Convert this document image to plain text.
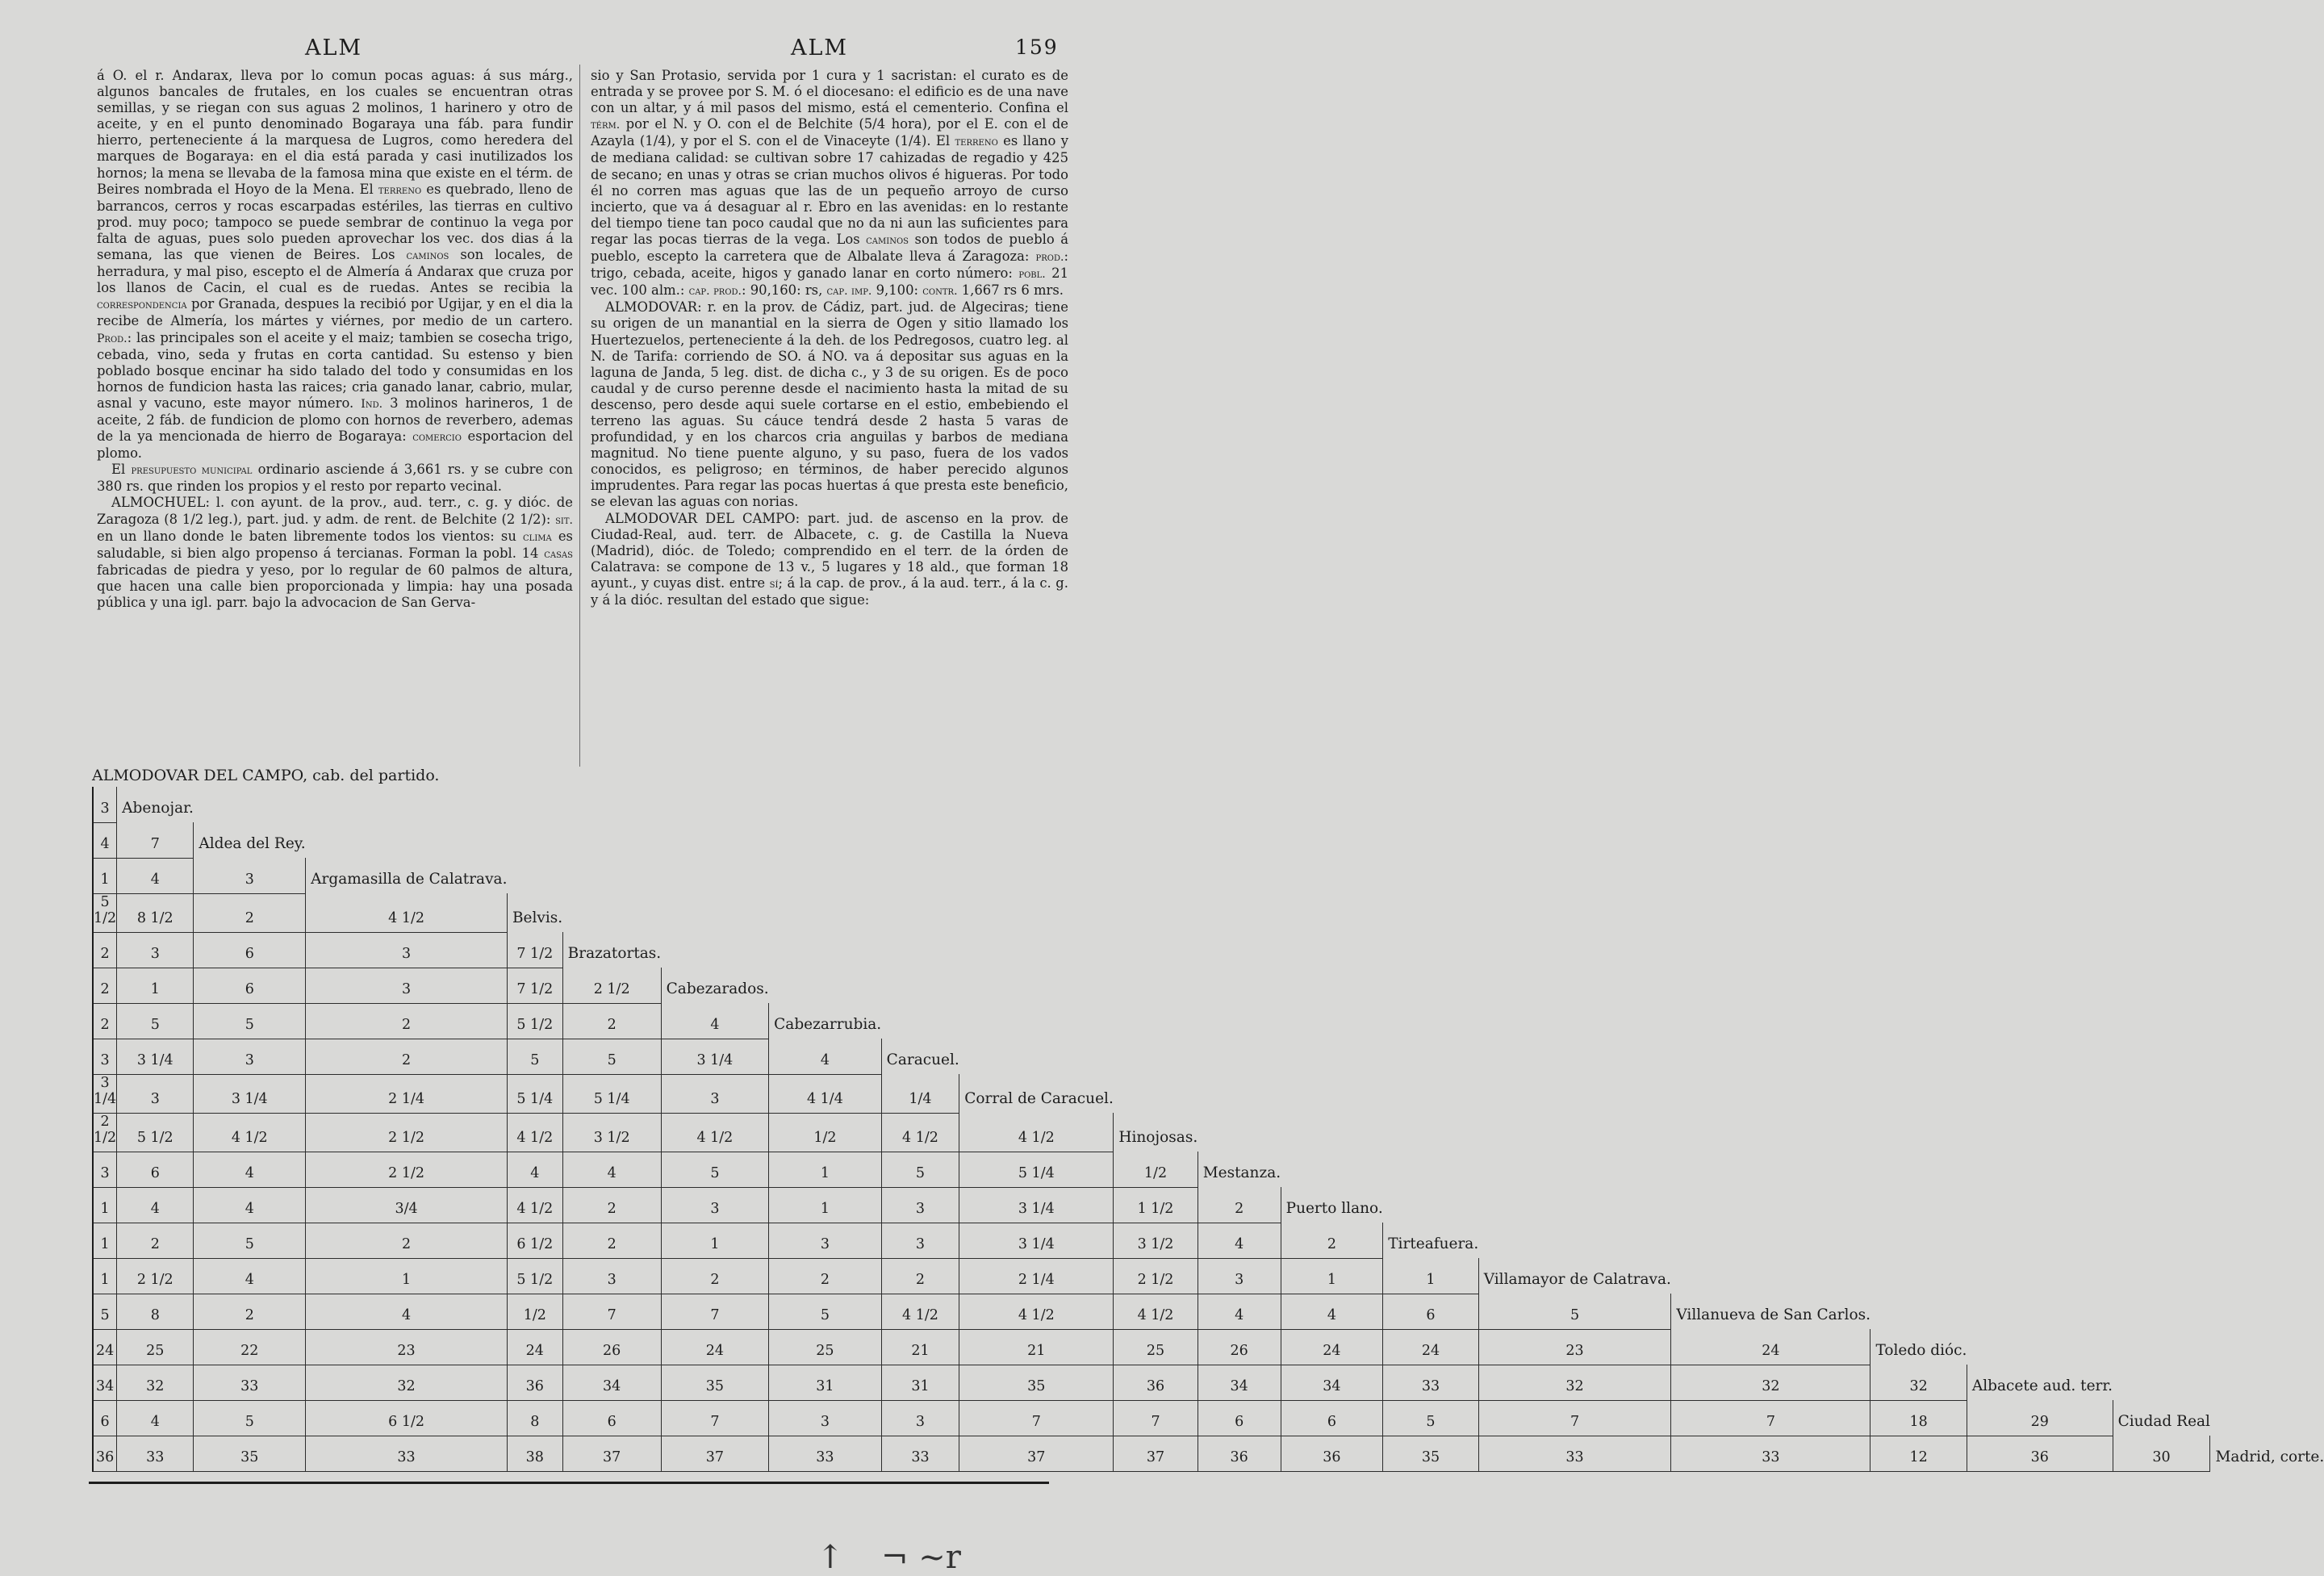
ALM	ALM	159

á O. el r. Andarax, lleva por lo comun pocas aguas: á sus márg., algunos bancales de frutales, en los cuales se encuentran otras semillas, y se riegan con sus aguas 2 molinos, 1 harinero y otro de aceite, y en el punto denominado Bogaraya una fáb. para fundir hierro, perteneciente á la marquesa de Lugros, como heredera del marques de Bogaraya: en el dia está parada y casi inutilizados los hornos; la mena se llevaba de la famosa mina que existe en el térm. de Beires nombrada el Hoyo de la Mena. El terreno es quebrado, lleno de barrancos, cerros y rocas escarpadas estériles, las tierras en cultivo prod. muy poco; tampoco se puede sembrar de continuo la vega por falta de aguas, pues solo pueden aprovechar los vec. dos dias á la semana, las que vienen de Beires. Los caminos son locales, de herradura, y mal piso, escepto el de Almería á Andarax que cruza por los llanos de Cacin, el cual es de ruedas. Antes se recibia la correspondencia por Granada, despues la recibió por Ugijar, y en el dia la recibe de Almería, los mártes y viérnes, por medio de un cartero. Prod.: las principales son el aceite y el maiz; tambien se cosecha trigo, cebada, vino, seda y frutas en corta cantidad. Su estenso y bien poblado bosque encinar ha sido talado del todo y consumidas en los hornos de fundicion hasta las raices; cria ganado lanar, cabrio, mular, asnal y vacuno, este mayor número. Ind. 3 molinos harineros, 1 de aceite, 2 fáb. de fundicion de plomo con hornos de reverbero, ademas de la ya mencionada de hierro de Bogaraya: comercio esportacion del plomo.

El presupuesto municipal ordinario asciende á 3,661 rs. y se cubre con 380 rs. que rinden los propios y el resto por reparto vecinal.

ALMOCHUEL: l. con ayunt. de la prov., aud. terr., c. g. y dióc. de Zaragoza (8 1/2 leg.), part. jud. y adm. de rent. de Belchite (2 1/2): sit. en un llano donde le baten libremente todos los vientos: su clima es saludable, si bien algo propenso á tercianas. Forman la pobl. 14 casas fabricadas de piedra y yeso, por lo regular de 60 palmos de altura, que hacen una calle bien proporcionada y limpia: hay una posada pública y una igl. parr. bajo la advocacion de San Gerva-

sio y San Protasio, servida por 1 cura y 1 sacristan: el curato es de entrada y se provee por S. M. ó el diocesano: el edificio es de una nave con un altar, y á mil pasos del mismo, está el cementerio. Confina el térm. por el N. y O. con el de Belchite (5/4 hora), por el E. con el de Azayla (1/4), y por el S. con el de Vinaceyte (1/4). El terreno es llano y de mediana calidad: se cultivan sobre 17 cahizadas de regadio y 425 de secano; en unas y otras se crian muchos olivos é higueras. Por todo él no corren mas aguas que las de un pequeño arroyo de curso incierto, que va á desaguar al r. Ebro en las avenidas: en lo restante del tiempo tiene tan poco caudal que no da ni aun las suficientes para regar las pocas tierras de la vega. Los caminos son todos de pueblo á pueblo, escepto la carretera que de Albalate lleva á Zaragoza: prod.: trigo, cebada, aceite, higos y ganado lanar en corto número: pobl. 21 vec. 100 alm.: cap. prod.: 90,160: rs, cap. imp. 9,100: contr. 1,667 rs 6 mrs.

ALMODOVAR: r. en la prov. de Cádiz, part. jud. de Algeciras; tiene su origen de un manantial en la sierra de Ogen y sitio llamado los Huertezuelos, perteneciente á la deh. de los Pedregosos, cuatro leg. al N. de Tarifa: corriendo de SO. á NO. va á depositar sus aguas en la laguna de Janda, 5 leg. dist. de dicha c., y 3 de su origen. Es de poco caudal y de curso perenne desde el nacimiento hasta la mitad de su descenso, pero desde aqui suele cortarse en el estio, embebiendo el terreno las aguas. Su cáuce tendrá desde 2 hasta 5 varas de profundidad, y en los charcos cria anguilas y barbos de mediana magnitud. No tiene puente alguno, y su paso, fuera de los vados conocidos, es peligroso; en términos, de haber perecido algunos imprudentes. Para regar las pocas huertas á que presta este beneficio, se elevan las aguas con norias.

ALMODOVAR DEL CAMPO: part. jud. de ascenso en la prov. de Ciudad-Real, aud. terr. de Albacete, c. g. de Castilla la Nueva (Madrid), dióc. de Toledo; comprendido en el terr. de la órden de Calatrava: se compone de 13 v., 5 lugares y 18 ald., que forman 18 ayunt., y cuyas dist. entre sí; á la cap. de prov., á la aud. terr., á la c. g. y á la dióc. resultan del estado que sigue:

ALMODOVAR DEL CAMPO, cab. del partido.
3	Abenojar.																		
4	7	Aldea del Rey.																	
1	4	3	Argamasilla de Calatrava.																
5 1/2	8 1/2	2	4 1/2	Belvis.															
2	3	6	3	7 1/2	Brazatortas.														
2	1	6	3	7 1/2	2 1/2	Cabezarados.													
2	5	5	2	5 1/2	2	4	Cabezarrubia.												
3	3 1/4	3	2	5	5	3 1/4	4	Caracuel.											
3 1/4	3	3 1/4	2 1/4	5 1/4	5 1/4	3	4 1/4	1/4	Corral de Caracuel.										
2 1/2	5 1/2	4 1/2	2 1/2	4 1/2	3 1/2	4 1/2	1/2	4 1/2	4 1/2	Hinojosas.									
3	6	4	2 1/2	4	4	5	1	5	5 1/4	1/2	Mestanza.								
1	4	4	3/4	4 1/2	2	3	1	3	3 1/4	1 1/2	2	Puerto llano.							
1	2	5	2	6 1/2	2	1	3	3	3 1/4	3 1/2	4	2	Tirteafuera.						
1	2 1/2	4	1	5 1/2	3	2	2	2	2 1/4	2 1/2	3	1	1	Villamayor de Calatrava.					
5	8	2	4	1/2	7	7	5	4 1/2	4 1/2	4 1/2	4	4	6	5	Villanueva de San Carlos.				
24	25	22	23	24	26	24	25	21	21	25	26	24	24	23	24	Toledo dióc.			
34	32	33	32	36	34	35	31	31	35	36	34	34	33	32	32	32	Albacete aud. terr.		
6	4	5	6 1/2	8	6	7	3	3	7	7	6	6	5	7	7	18	29	Ciudad Real	
36	33	35	33	38	37	37	33	33	37	37	36	36	35	33	33	12	36	30	Madrid, corte.
↑ ¬ ~r
